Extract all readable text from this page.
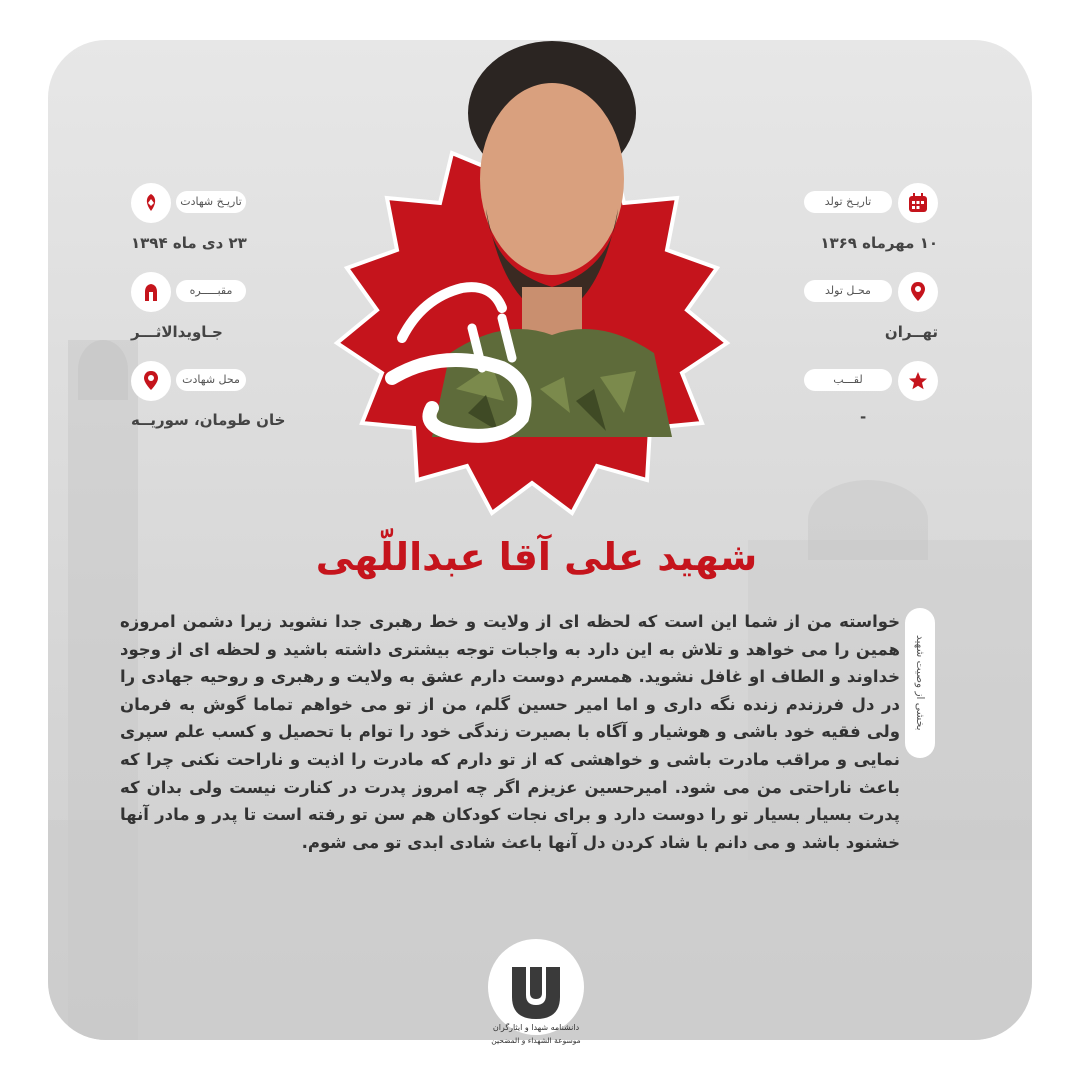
تاریـخ شهادت
۲۳ دی ماه ۱۳۹۴
مقبـــــره
جـاویدالاثـــر
محل شهادت
خان طومان، سوریــه
تاریـخ تولد
۱۰ مهرماه ۱۳۶۹
محـل تولد
تهــران
لقـــب
-
شهید علی آقا عبداللّهی
بخشی از وصیت شهید
خواسته من از شما این است که لحظه ای از ولایت و خط رهبری جدا نشوید زیرا دشمن امروزه همین را می خواهد و تلاش به این دارد به واجبات توجه بیشتری داشته باشید و لحظه ای از وجود خداوند و الطاف او غافل نشوید. همسرم دوست دارم عشق به ولایت و رهبری و روحیه جهادی را در دل فرزندم زنده نگه داری و اما امیر حسین گلم، من از تو می خواهم تماما گوش به فرمان ولی فقیه خود باشی و هوشیار و آگاه با بصیرت زندگی خود را توام با تحصیل و کسب علم سپری نمایی و مراقب مادرت باشی و خواهشی که از تو دارم که مادرت را اذیت و ناراحت نکنی چرا که باعث ناراحتی من می شود. امیرحسین عزیزم اگر چه امروز پدرت در کنارت نیست ولی بدان که پدرت بسیار بسیار تو را دوست دارد و برای نجات کودکان هم سن تو رفته است تا پدر و مادر آنها خشنود باشد و می دانم با شاد کردن دل آنها باعث شادی ابدی تو می شوم.
دانشنامه شهدا و ایثارگران
موسوعة الشهداء و المضحين
